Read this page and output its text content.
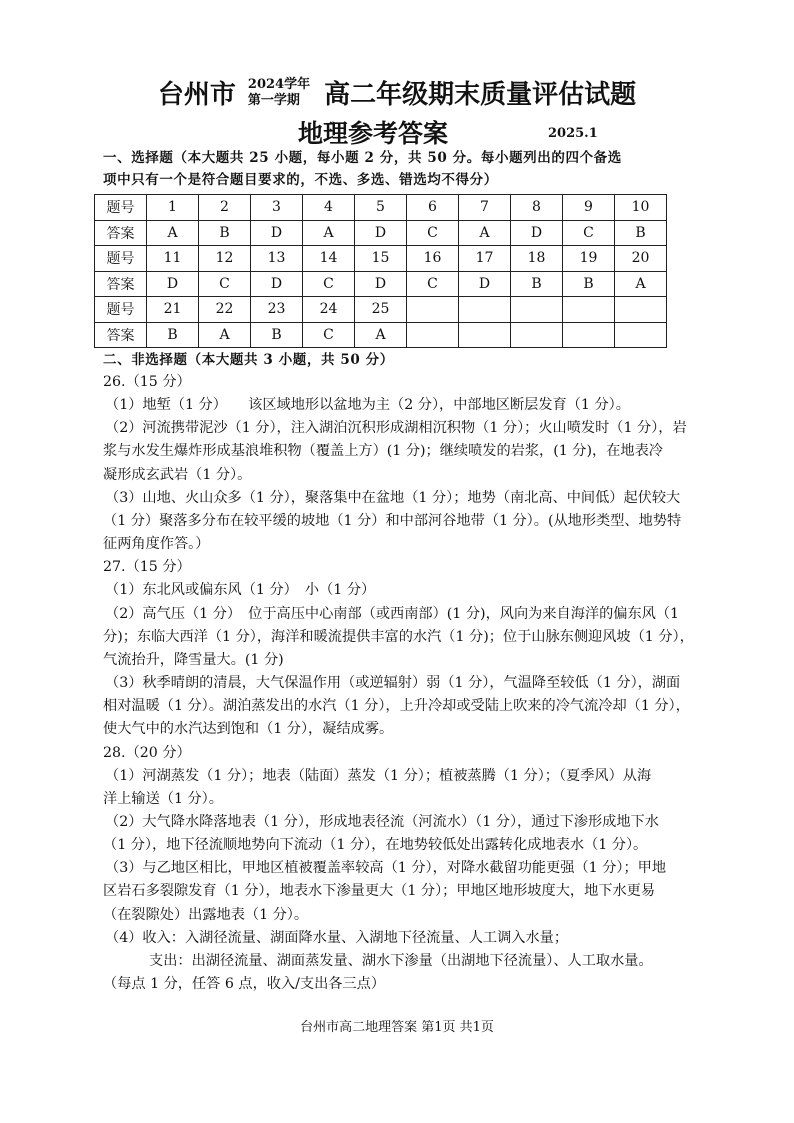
台州市 2024学年
第一学期 高二年级期末质量评估试题
地理参考答案	2025.1
一、选择题（本大题共 25 小题，每小题 2 分，共 50 分。每小题列出的四个备选
项中只有一个是符合题目要求的，不选、多选、错选均不得分）
题号	1	2	3	4	5	6	7	8	9	10
答案	A	B	D	A	D	C	A	D	C	B
题号	11	12	13	14	15	16	17	18	19	20
答案	D	C	D	C	D	C	D	B	B	A
题号	21	22	23	24	25					
答案	B	A	B	C	A					
二、非选择题（本大题共 3 小题，共 50 分）
26.（15 分）
（1）地堑（1 分）　　该区域地形以盆地为主（2 分），中部地区断层发育（1 分）。
（2）河流携带泥沙（1 分），注入湖泊沉积形成湖相沉积物（1 分）；火山喷发时（1 分），岩
浆与水发生爆炸形成基浪堆积物（覆盖上方）(1 分)；继续喷发的岩浆，(1 分)，在地表冷
凝形成玄武岩（1 分）。
（3）山地、火山众多（1 分），聚落集中在盆地（1 分）；地势（南北高、中间低）起伏较大
（1 分）聚落多分布在较平缓的坡地（1 分）和中部河谷地带（1 分）。(从地形类型、地势特
征两角度作答。）
27.（15 分）
（1）东北风或偏东风（1 分）　小（1 分）
（2）高气压（1 分）　位于高压中心南部（或西南部）(1 分)，风向为来自海洋的偏东风（1
分)；东临大西洋（1 分），海洋和暖流提供丰富的水汽（1 分)；位于山脉东侧迎风坡（1 分），
气流抬升，降雪量大。(1 分)
（3）秋季晴朗的清晨，大气保温作用（或逆辐射）弱（1 分），气温降至较低（1 分），湖面
相对温暖（1 分）。湖泊蒸发出的水汽（1 分），上升冷却或受陆上吹来的冷气流冷却（1 分），
使大气中的水汽达到饱和（1 分），凝结成雾。
28.（20 分）
（1）河湖蒸发（1 分）；地表（陆面）蒸发（1 分）；植被蒸腾（1 分）；（夏季风）从海
洋上输送（1 分）。
（2）大气降水降落地表（1 分），形成地表径流（河流水）（1 分），通过下渗形成地下水
（1 分），地下径流顺地势向下流动（1 分），在地势较低处出露转化成地表水（1 分）。
（3）与乙地区相比，甲地区植被覆盖率较高（1 分），对降水截留功能更强（1 分）；甲地
区岩石多裂隙发育（1 分），地表水下渗量更大（1 分）；甲地区地形坡度大，地下水更易
（在裂隙处）出露地表（1 分）。
（4）收入：入湖径流量、湖面降水量、入湖地下径流量、人工调入水量；
支出：出湖径流量、湖面蒸发量、湖水下渗量（出湖地下径流量）、人工取水量。
（每点 1 分，任答 6 点，收入/支出各三点）
台州市高二地理答案 第1页 共1页
